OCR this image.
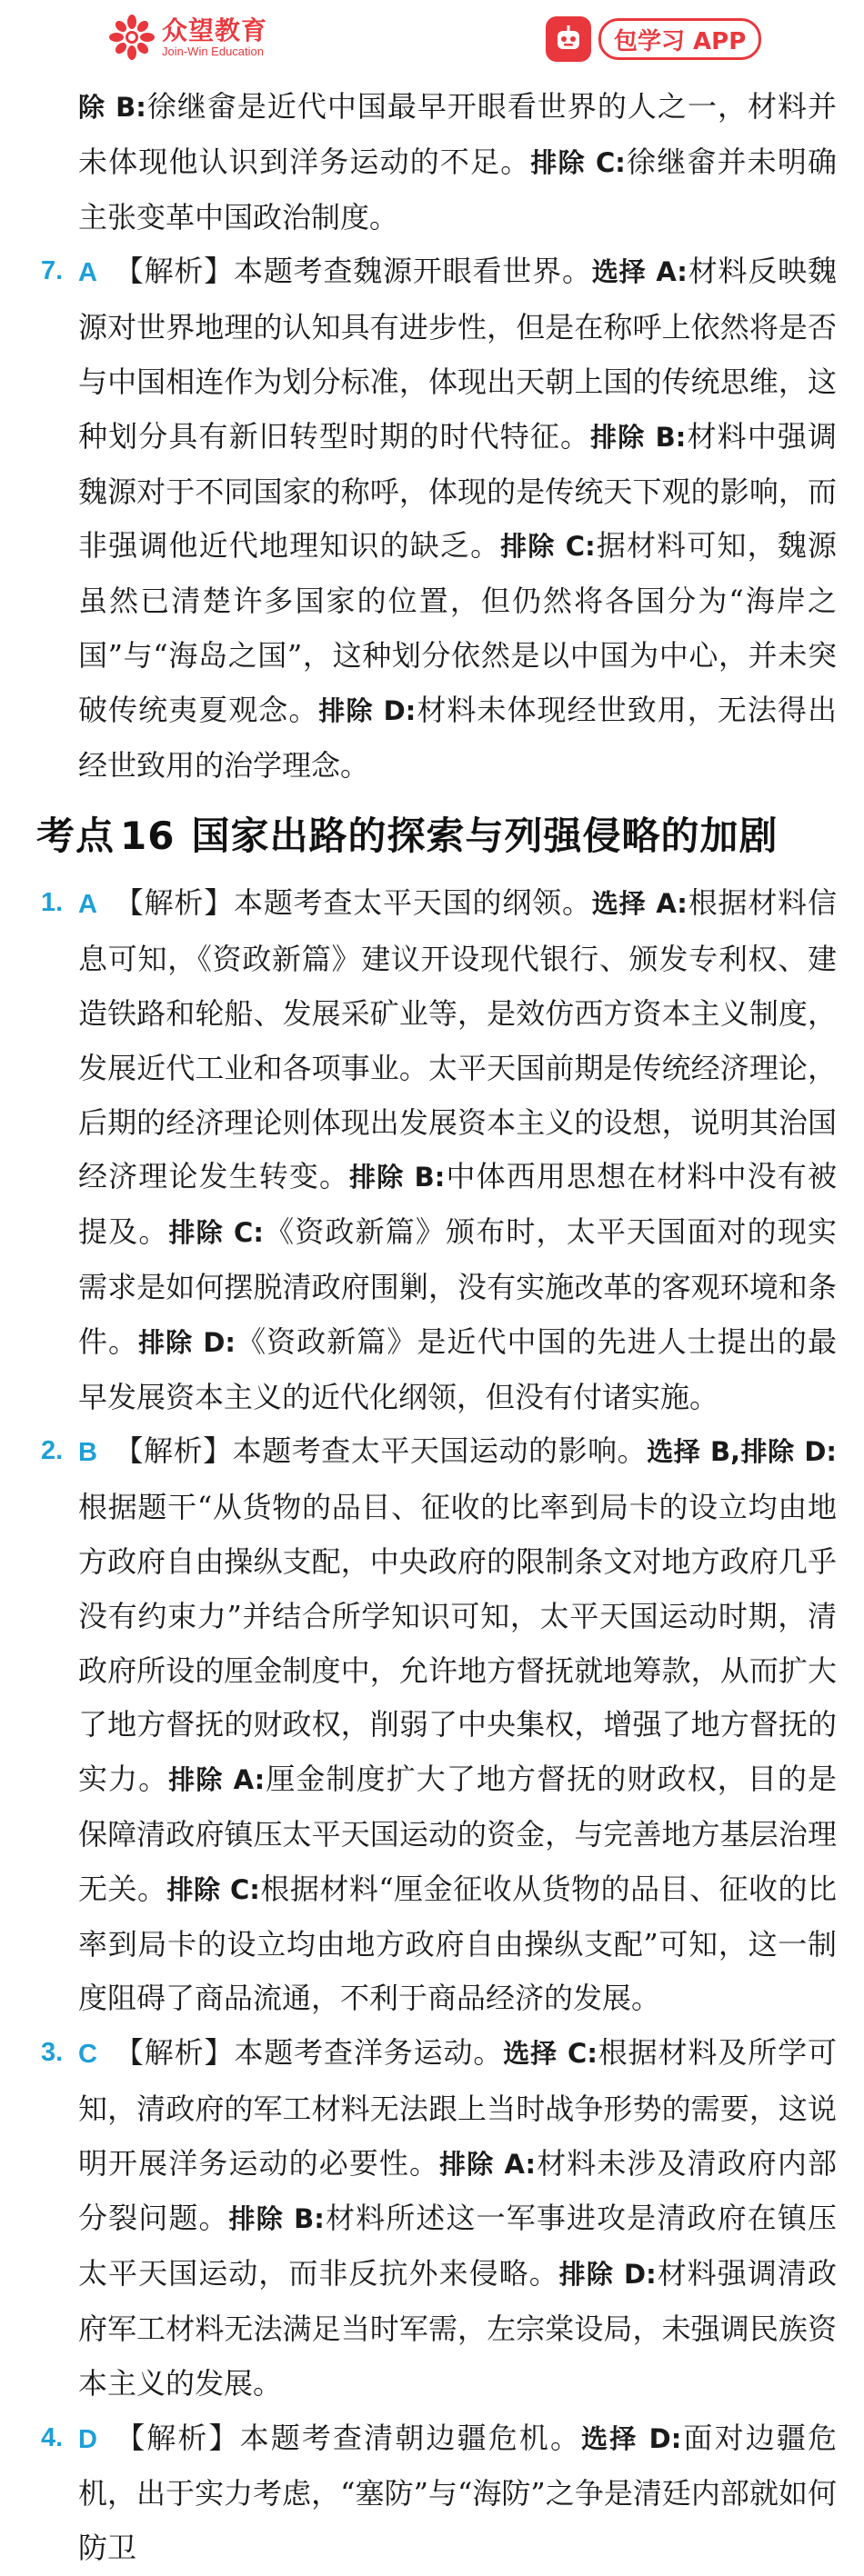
众望教育
Join-Win Education	包学习 APP

除 B:徐继畲是近代中国最早开眼看世界的人之一，材料并未体现他认识到洋务运动的不足。排除 C:徐继畲并未明确主张变革中国政治制度。

7. A 【解析】本题考查魏源开眼看世界。选择 A:材料反映魏源对世界地理的认知具有进步性，但是在称呼上依然将是否与中国相连作为划分标准，体现出天朝上国的传统思维，这种划分具有新旧转型时期的时代特征。排除 B:材料中强调魏源对于不同国家的称呼，体现的是传统天下观的影响，而非强调他近代地理知识的缺乏。排除 C:据材料可知，魏源虽然已清楚许多国家的位置，但仍然将各国分为“海岸之国”与“海岛之国”，这种划分依然是以中国为中心，并未突破传统夷夏观念。排除 D:材料未体现经世致用，无法得出经世致用的治学理念。

考点 16 国家出路的探索与列强侵略的加剧

1. A 【解析】本题考查太平天国的纲领。选择 A:根据材料信息可知，《资政新篇》建议开设现代银行、颁发专利权、建造铁路和轮船、发展采矿业等，是效仿西方资本主义制度，发展近代工业和各项事业。太平天国前期是传统经济理论，后期的经济理论则体现出发展资本主义的设想，说明其治国经济理论发生转变。排除 B:中体西用思想在材料中没有被提及。排除 C:《资政新篇》颁布时，太平天国面对的现实需求是如何摆脱清政府围剿，没有实施改革的客观环境和条件。排除 D:《资政新篇》是近代中国的先进人士提出的最早发展资本主义的近代化纲领，但没有付诸实施。

2. B 【解析】本题考查太平天国运动的影响。选择 B,排除 D:根据题干“从货物的品目、征收的比率到局卡的设立均由地方政府自由操纵支配，中央政府的限制条文对地方政府几乎没有约束力”并结合所学知识可知，太平天国运动时期，清政府所设的厘金制度中，允许地方督抚就地筹款，从而扩大了地方督抚的财政权，削弱了中央集权，增强了地方督抚的实力。排除 A:厘金制度扩大了地方督抚的财政权，目的是保障清政府镇压太平天国运动的资金，与完善地方基层治理无关。排除 C:根据材料“厘金征收从货物的品目、征收的比率到局卡的设立均由地方政府自由操纵支配”可知，这一制度阻碍了商品流通，不利于商品经济的发展。

3. C 【解析】本题考查洋务运动。选择 C:根据材料及所学可知，清政府的军工材料无法跟上当时战争形势的需要，这说明开展洋务运动的必要性。排除 A:材料未涉及清政府内部分裂问题。排除 B:材料所述这一军事进攻是清政府在镇压太平天国运动，而非反抗外来侵略。排除 D:材料强调清政府军工材料无法满足当时军需，左宗棠设局，未强调民族资本主义的发展。

4. D 【解析】本题考查清朝边疆危机。选择 D:面对边疆危机，出于实力考虑，“塞防”与“海防”之争是清廷内部就如何防卫
